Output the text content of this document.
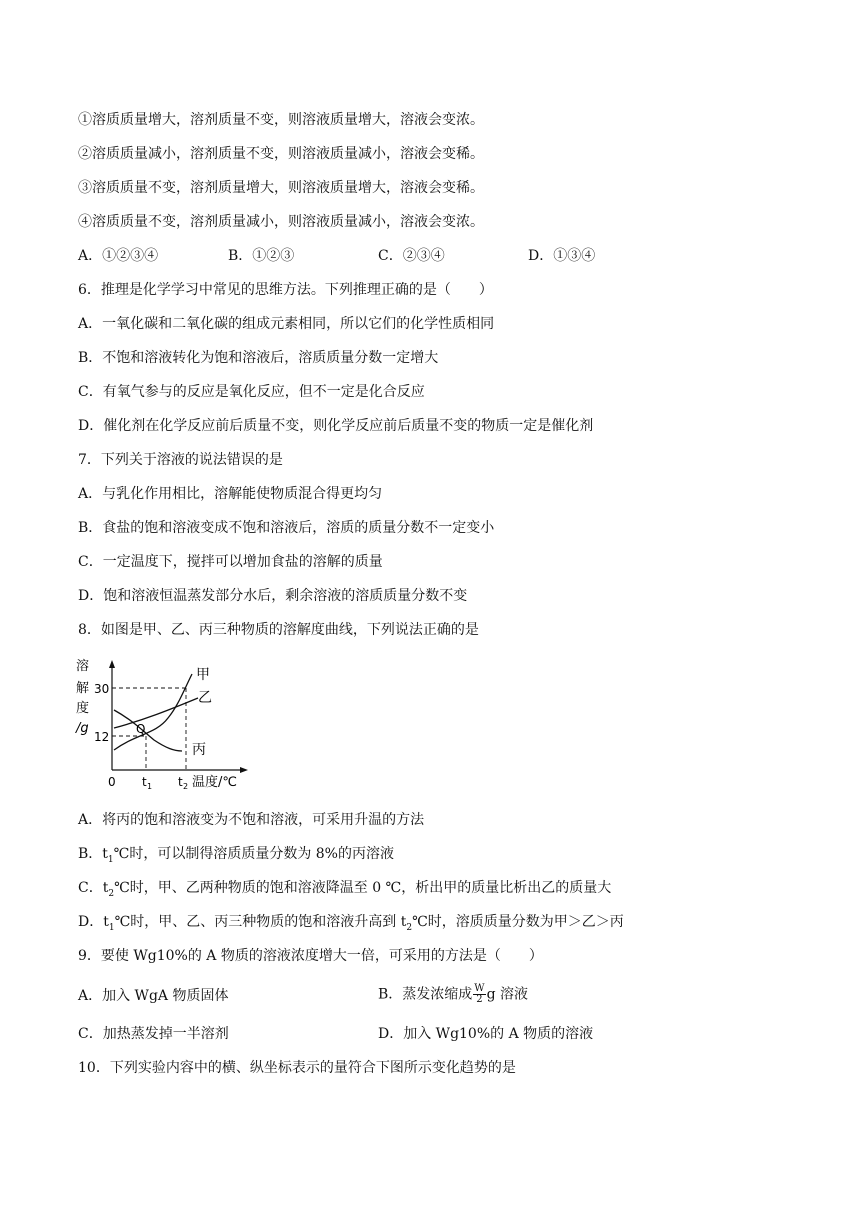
①溶质质量增大，溶剂质量不变，则溶液质量增大，溶液会变浓。
②溶质质量减小，溶剂质量不变，则溶液质量减小，溶液会变稀。
③溶质质量不变，溶剂质量增大，则溶液质量增大，溶液会变稀。
④溶质质量不变，溶剂质量减小，则溶液质量减小，溶液会变浓。
A．①②③④	B．①②③	C．②③④	D．①③④
6．推理是化学学习中常见的思维方法。下列推理正确的是（　　）
A．一氧化碳和二氧化碳的组成元素相同，所以它们的化学性质相同
B．不饱和溶液转化为饱和溶液后，溶质质量分数一定增大
C．有氧气参与的反应是氧化反应，但不一定是化合反应
D．催化剂在化学反应前后质量不变，则化学反应前后质量不变的物质一定是催化剂
7．下列关于溶液的说法错误的是
A．与乳化作用相比，溶解能使物质混合得更均匀
B．食盐的饱和溶液变成不饱和溶液后，溶质的质量分数不一定变小
C．一定温度下，搅拌可以增加食盐的溶解的质量
D．饱和溶液恒温蒸发部分水后，剩余溶液的溶质质量分数不变
8．如图是甲、乙、丙三种物质的溶解度曲线，下列说法正确的是
溶
解
度
/g
30
12
0 t 1 t 2 温度/℃
Q
甲
乙
丙
A．将丙的饱和溶液变为不饱和溶液，可采用升温的方法
B．$t_1℃$时，可以制得溶质质量分数为 8%的丙溶液
C．$t_2℃$时，甲、乙两种物质的饱和溶液降温至 0 ℃，析出甲的质量比析出乙的质量大
D．$t_1℃$时，甲、乙、丙三种物质的饱和溶液升高到 $t_2℃$时，溶质质量分数为甲＞乙＞丙
9．要使 Wg10%的 A 物质的溶液浓度增大一倍，可采用的方法是（　　）
A．加入 WgA 物质固体	B．蒸发浓缩成 $\frac{W}{2}$ g 溶液
C．加热蒸发掉一半溶剂	D．加入 Wg10%的 A 物质的溶液
10．下列实验内容中的横、纵坐标表示的量符合下图所示变化趋势的是
